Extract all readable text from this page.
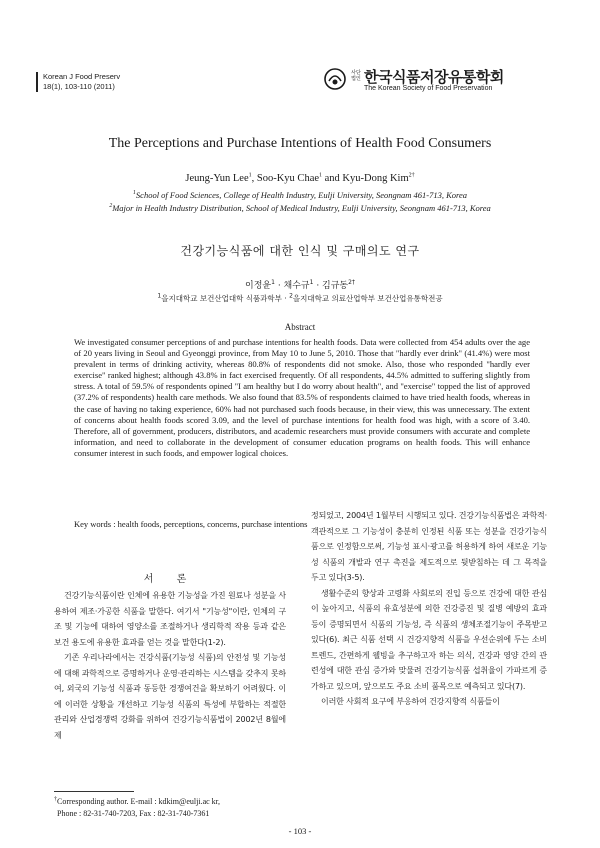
Korean J Food Preserv
18(1), 103-110 (2011)
사단법인 한국식품저장유통학회
The Korean Society of Food Preservation
The Perceptions and Purchase Intentions of Health Food Consumers
Jeung-Yun Lee$^1$, Soo-Kyu Chae$^1$ and Kyu-Dong Kim$^{2\dagger}$
$^1$School of Food Sciences, College of Health Industry, Eulji University, Seongnam 461-713, Korea
$^2$Major in Health Industry Distribution, School of Medical Industry, Eulji University, Seongnam 461-713, Korea
건강기능식품에 대한 인식 및 구매의도 연구
이정윤$^1$ · 채수규$^1$ · 김규동$^{2\dagger}$
$^1$을지대학교 보건산업대학 식품과학부 · $^2$을지대학교 의료산업학부 보건산업유통학전공
Abstract
We investigated consumer perceptions of and purchase intentions for health foods. Data were collected from 454 adults over the age of 20 years living in Seoul and Gyeonggi province, from May 10 to June 5, 2010. Those that "hardly ever drink" (41.4%) were most prevalent in terms of drinking activity, whereas 80.8% of respondents did not smoke. Also, those who responded "hardly ever exercise" ranked highest; although 43.8% in fact exercised frequently. Of all respondents, 44.5% admitted to suffering slightly from stress. A total of 59.5% of respondents opined "I am healthy but I do worry about health", and "exercise" topped the list of approved (37.2% of respondents) health care methods. We also found that 83.5% of respondents claimed to have tried health foods, whereas in the case of having no taking experience, 60% had not purchased such foods because, in their view, this was unnecessary. The extent of concerns about health foods scored 3.09, and the level of purchase intentions for health food was high, with a score of 3.40. Therefore, all of government, producers, distributors, and academic researchers must provide consumers with accurate and complete information, and need to collaborate in the development of consumer education programs on health foods. This will enhance consumer interest in such foods, and empower logical choices.
Key words : health foods, perceptions, concerns, purchase intentions
서 론

건강기능식품이란 인체에 유용한 기능성을 가진 원료나 성분을 사용하여 제조·가공한 식품을 말한다. 여기서 "기능성"이란, 인체의 구조 및 기능에 대하여 영양소를 조절하거나 생리학적 작용 등과 같은 보건 용도에 유용한 효과를 얻는 것을 말한다(1-2).

기존 우리나라에서는 건강식품(기능성 식품)의 안전성 및 기능성에 대해 과학적으로 증명하거나 운영·관리하는 시스템을 갖추지 못하여, 외국의 기능성 식품과 동등한 경쟁여건을 확보하기 어려웠다. 이에 이러한 상황을 개선하고 기능성 식품의 특성에 부합하는 적절한 관리와 산업경쟁력 강화를 위하여 건강기능식품법이 2002년 8월에 제

정되었고, 2004년 1월부터 시행되고 있다. 건강기능식품법은 과학적·객관적으로 그 기능성이 충분히 인정된 식품 또는 성분을 건강기능식품으로 인정함으로써, 기능성 표시·광고를 허용하게 하여 새로운 기능성 식품의 개발과 연구 촉진을 제도적으로 뒷받침하는 데 그 목적을 두고 있다(3-5).

생활수준의 향상과 고령화 사회로의 진입 등으로 건강에 대한 관심이 높아지고, 식품의 유효성분에 의한 건강증진 및 질병 예방의 효과 등이 증명되면서 식품의 기능성, 즉 식품의 생체조절기능이 주목받고 있다(6). 최근 식품 선택 시 건강지향적 식품을 우선순위에 두는 소비 트렌드, 간편하게 웰빙을 추구하고자 하는 의식, 건강과 영양 간의 관련성에 대한 관심 증가와 맞물려 건강기능식품 섭취율이 가파르게 증가하고 있으며, 앞으로도 주요 소비 품목으로 예측되고 있다(7).

이러한 사회적 요구에 부응하여 건강지향적 식품들이

†Corresponding author. E-mail : kdkim@eulji.ac kr,
Phone : 82-31-740-7203, Fax : 82-31-740-7361
- 103 -
